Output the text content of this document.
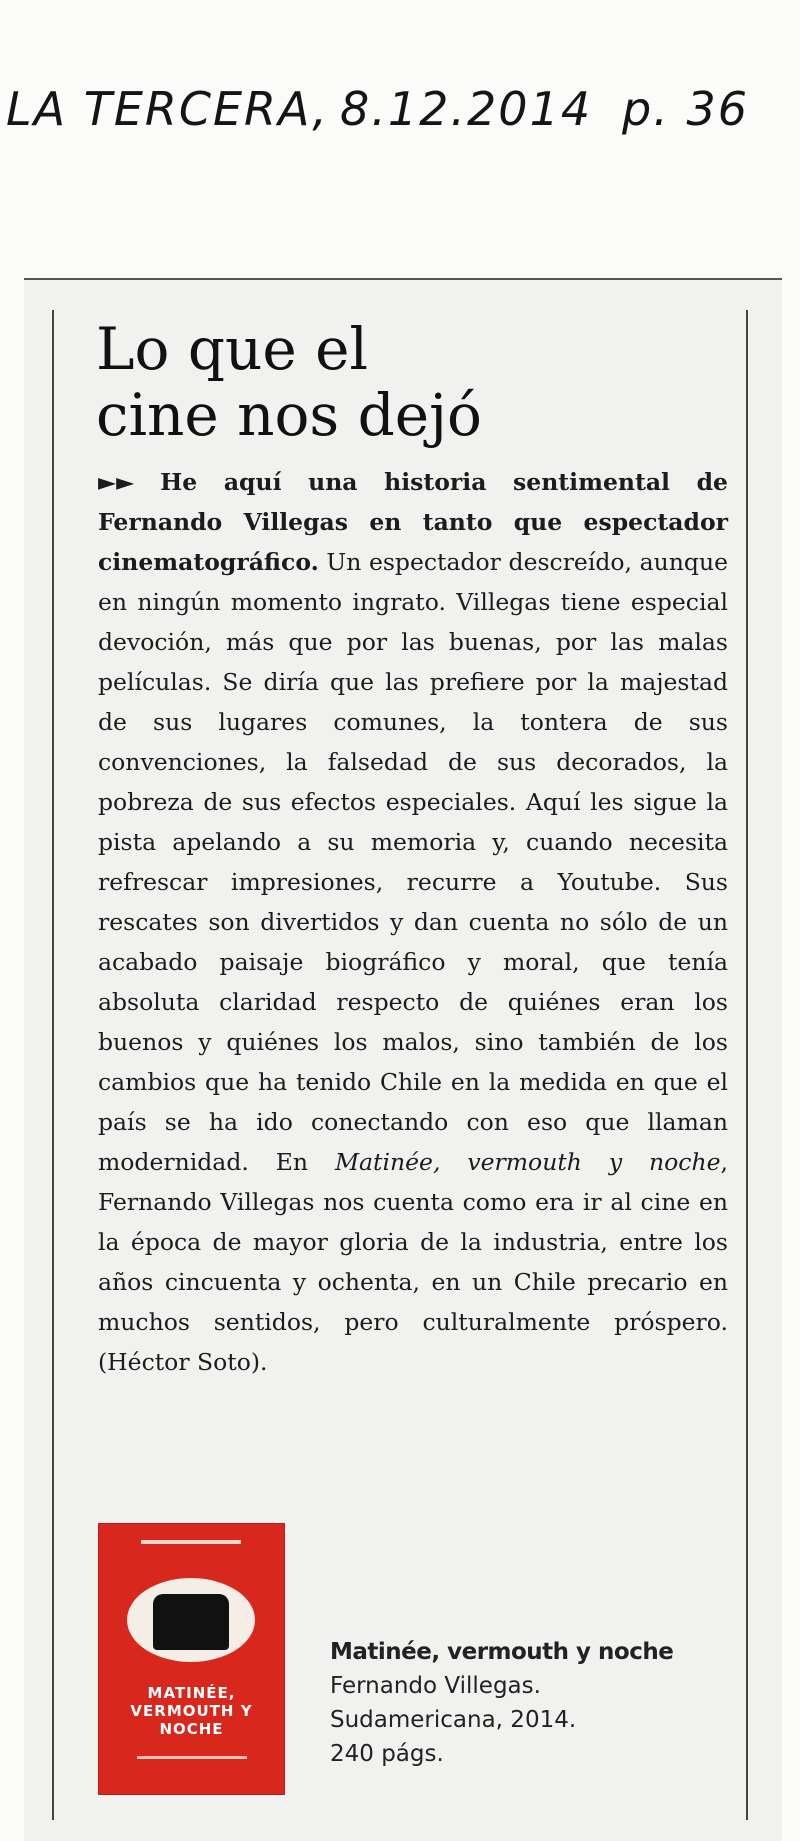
LA TERCERA, 8.12.2014 p. 36
Lo que el
cine nos dejó
►► He aquí una historia sentimental de Fernando Villegas en tanto que espectador cinematográfico. Un espectador descreído, aunque en ningún momento ingrato. Villegas tiene especial devoción, más que por las buenas, por las malas películas. Se diría que las prefiere por la majestad de sus lugares comunes, la tontera de sus convenciones, la falsedad de sus decorados, la pobreza de sus efectos especiales. Aquí les sigue la pista apelando a su memoria y, cuando necesita refrescar impresiones, recurre a Youtube. Sus rescates son divertidos y dan cuenta no sólo de un acabado paisaje biográfico y moral, que tenía absoluta claridad respecto de quiénes eran los buenos y quiénes los malos, sino también de los cambios que ha tenido Chile en la medida en que el país se ha ido conectando con eso que llaman modernidad. En Matinée, vermouth y noche, Fernando Villegas nos cuenta como era ir al cine en la época de mayor gloria de la industria, entre los años cincuenta y ochenta, en un Chile precario en muchos sentidos, pero culturalmente próspero. (Héctor Soto).
MATINÉE, VERMOUTH Y NOCHE
Matinée, vermouth y noche
Fernando Villegas.
Sudamericana, 2014.
240 págs.
